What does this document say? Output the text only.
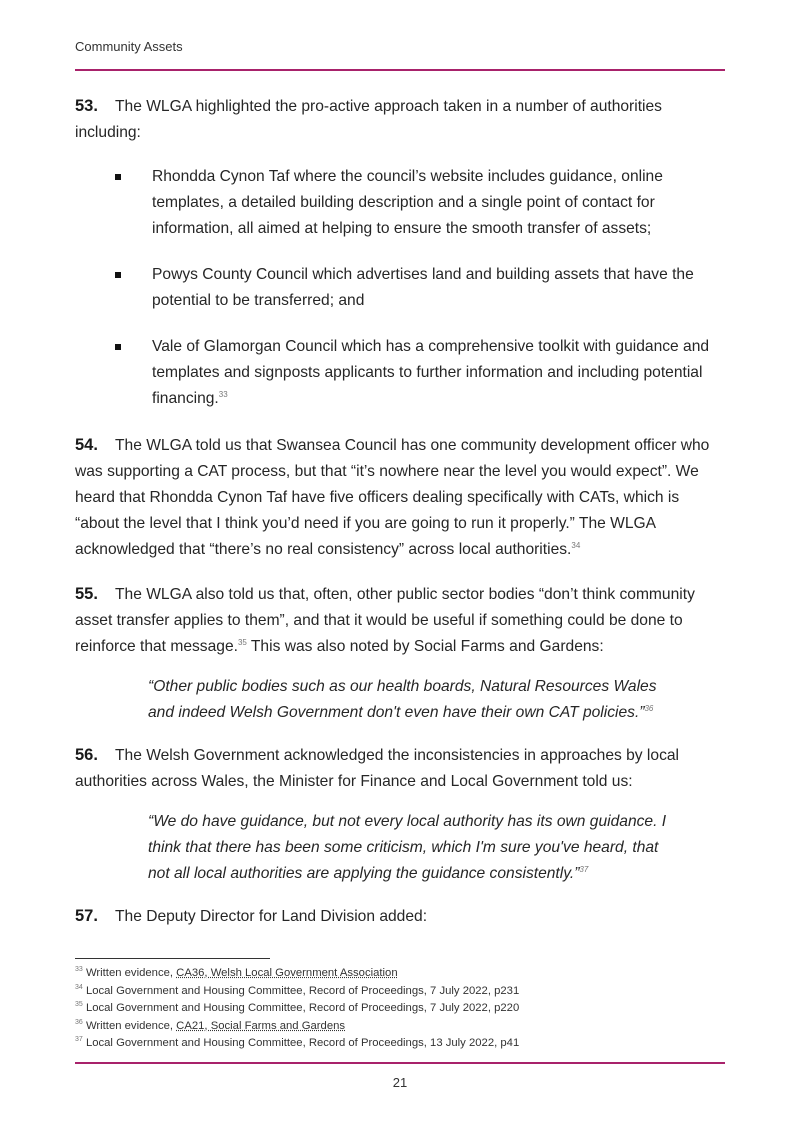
Community Assets

53. The WLGA highlighted the pro-active approach taken in a number of authorities including:

Rhondda Cynon Taf where the council’s website includes guidance, online templates, a detailed building description and a single point of contact for information, all aimed at helping to ensure the smooth transfer of assets;
Powys County Council which advertises land and building assets that have the potential to be transferred; and
Vale of Glamorgan Council which has a comprehensive toolkit with guidance and templates and signposts applicants to further information and including potential financing.$^{33}$

54. The WLGA told us that Swansea Council has one community development officer who was supporting a CAT process, but that “it’s nowhere near the level you would expect”. We heard that Rhondda Cynon Taf have five officers dealing specifically with CATs, which is “about the level that I think you’d need if you are going to run it properly.” The WLGA acknowledged that “there’s no real consistency” across local authorities.$^{34}$

55. The WLGA also told us that, often, other public sector bodies “don’t think community asset transfer applies to them”, and that it would be useful if something could be done to reinforce that message.$^{35}$ This was also noted by Social Farms and Gardens:

“Other public bodies such as our health boards, Natural Resources Wales and indeed Welsh Government don't even have their own CAT policies.”$^{36}$

56. The Welsh Government acknowledged the inconsistencies in approaches by local authorities across Wales, the Minister for Finance and Local Government told us:

“We do have guidance, but not every local authority has its own guidance. I think that there has been some criticism, which I'm sure you've heard, that not all local authorities are applying the guidance consistently.”$^{37}$

57. The Deputy Director for Land Division added:

$^{33}$ Written evidence, CA36, Welsh Local Government Association
$^{34}$ Local Government and Housing Committee, Record of Proceedings, 7 July 2022, p231
$^{35}$ Local Government and Housing Committee, Record of Proceedings, 7 July 2022, p220
$^{36}$ Written evidence, CA21, Social Farms and Gardens
$^{37}$ Local Government and Housing Committee, Record of Proceedings, 13 July 2022, p41
21
